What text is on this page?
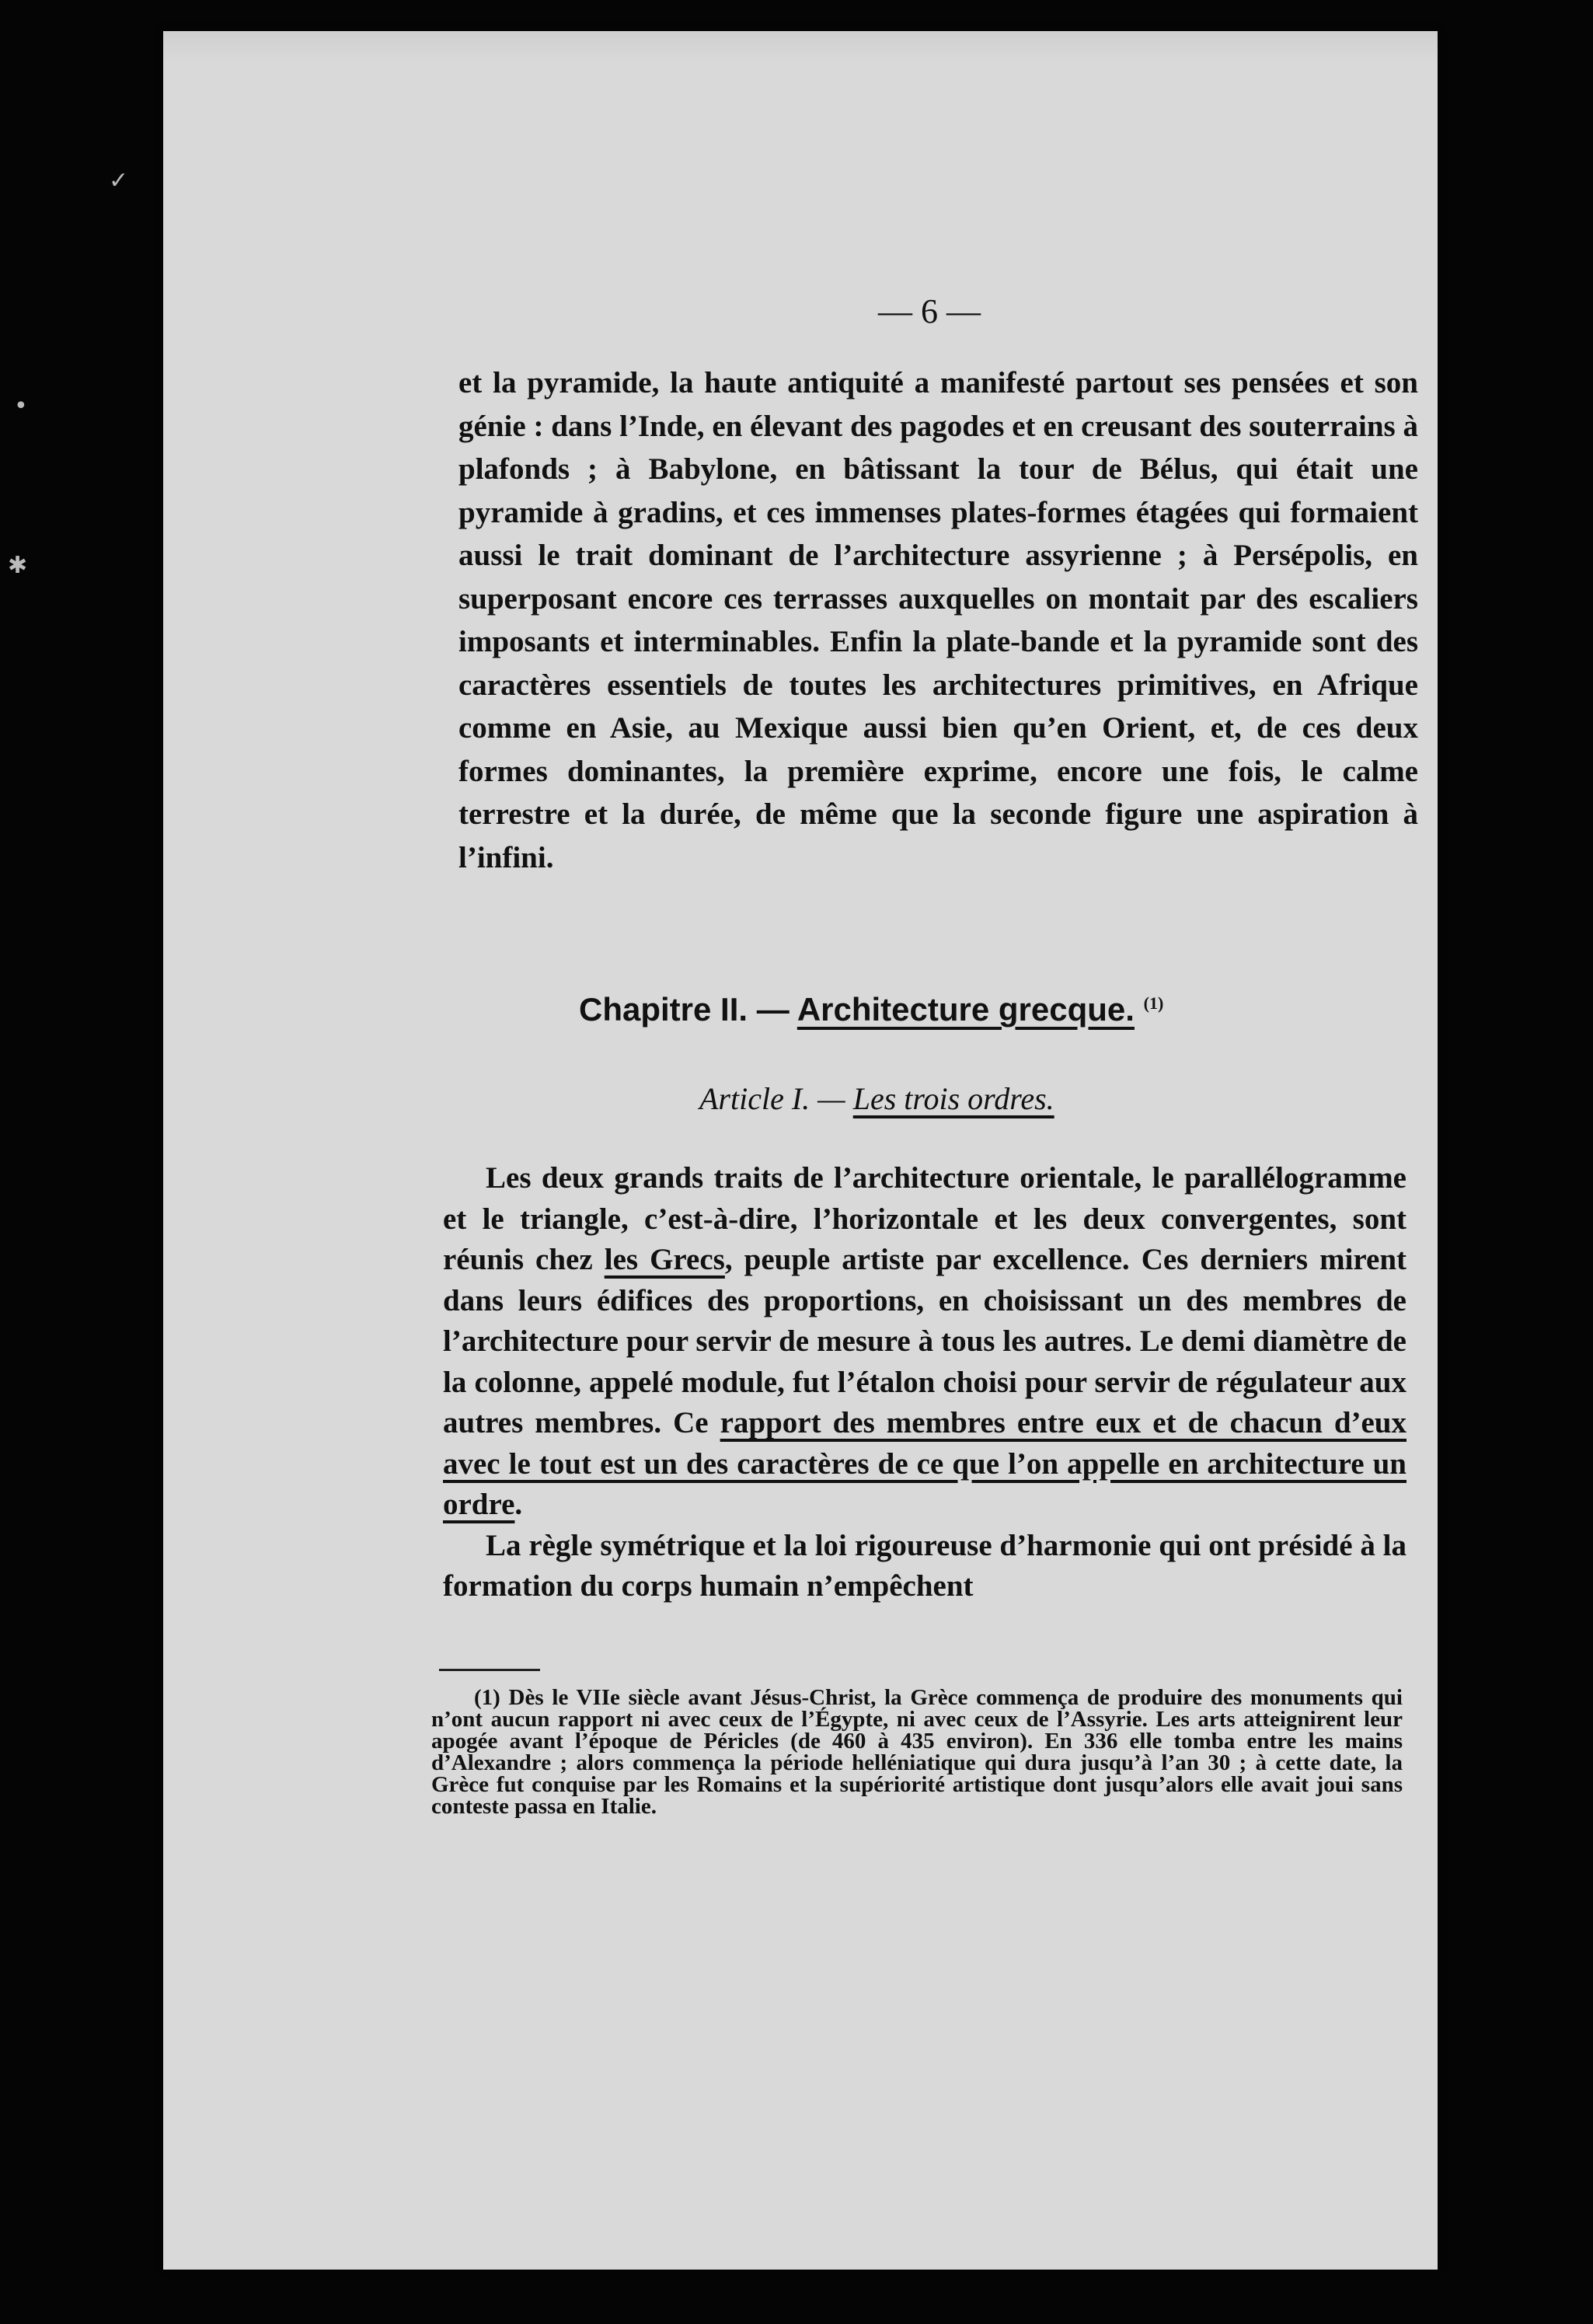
✓
•
✱
— 6 —
et la pyramide, la haute antiquité a manifesté partout ses pensées et son génie : dans l’Inde, en élevant des pagodes et en creusant des souterrains à plafonds ; à Babylone, en bâtissant la tour de Bélus, qui était une pyramide à gradins, et ces immenses plates-formes étagées qui formaient aussi le trait dominant de l’architecture assyrienne ; à Persépolis, en superposant encore ces terrasses auxquelles on montait par des escaliers imposants et interminables. Enfin la plate-bande et la pyramide sont des caractères essentiels de toutes les architectures primitives, en Afrique comme en Asie, au Mexique aussi bien qu’en Orient, et, de ces deux formes dominantes, la première exprime, encore une fois, le calme terrestre et la durée, de même que la seconde figure une aspiration à l’infini.
Chapitre II. — Architecture grecque. $^{(1)}$
Article I. — Les trois ordres.

Les deux grands traits de l’architecture orientale, le parallélogramme et le triangle, c’est-à-dire, l’horizontale et les deux convergentes, sont réunis chez les Grecs, peuple artiste par excellence. Ces derniers mirent dans leurs édifices des proportions, en choisissant un des membres de l’architecture pour servir de mesure à tous les autres. Le demi diamètre de la colonne, appelé module, fut l’étalon choisi pour servir de régulateur aux autres membres. Ce rapport des membres entre eux et de chacun d’eux avec le tout est un des caractères de ce que l’on appelle en architecture un ordre.

La règle symétrique et la loi rigoureuse d’harmonie qui ont présidé à la formation du corps humain n’empêchent

(1) Dès le VIIe siècle avant Jésus-Christ, la Grèce commença de produire des monuments qui n’ont aucun rapport ni avec ceux de l’Égypte, ni avec ceux de l’Assyrie. Les arts atteignirent leur apogée avant l’époque de Péricles (de 460 à 435 environ). En 336 elle tomba entre les mains d’Alexandre ; alors commença la période helléniatique qui dura jusqu’à l’an 30 ; à cette date, la Grèce fut conquise par les Romains et la supériorité artistique dont jusqu’alors elle avait joui sans conteste passa en Italie.
